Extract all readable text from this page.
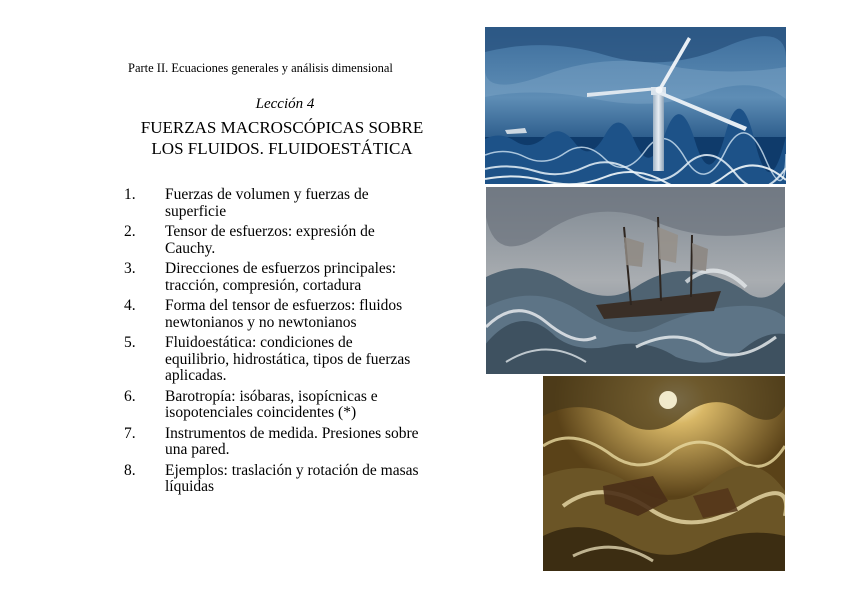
Parte II. Ecuaciones generales y análisis dimensional
Lección 4
FUERZAS MACROSCÓPICAS SOBRE
LOS FLUIDOS. FLUIDOESTÁTICA
1.	Fuerzas de volumen y fuerzas de
superficie
2.	Tensor de esfuerzos: expresión de
Cauchy.
3.	Direcciones de esfuerzos principales:
tracción, compresión, cortadura
4.	Forma del tensor de esfuerzos: fluidos
newtonianos y no newtonianos
5.	Fluidoestática: condiciones de
equilibrio, hidrostática, tipos de fuerzas
aplicadas.
6.	Barotropía: isóbaras, isopícnicas e
isopotenciales coincidentes (*)
7.	Instrumentos de medida. Presiones sobre
una pared.
8.	Ejemplos: traslación y rotación de masas
líquidas
